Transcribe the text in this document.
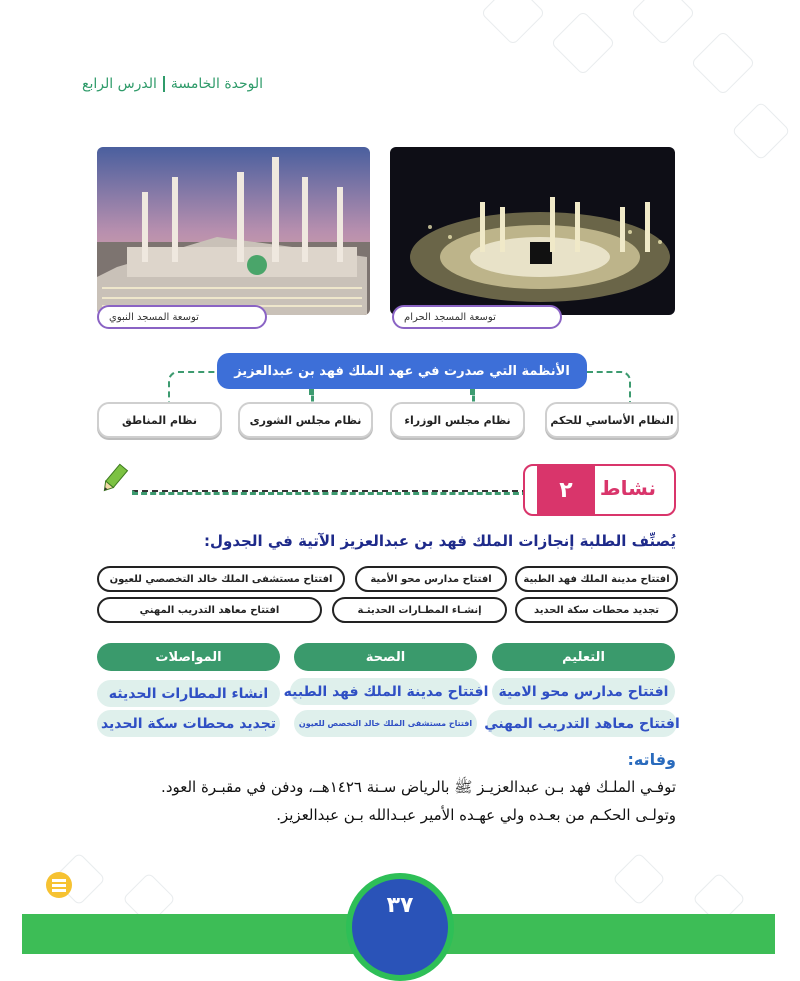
الوحدة الخامسةالدرس الرابع
توسعة المسجد النبوي	توسعة المسجد الحرام
الأنظمة التي صدرت في عهد الملك فهد بن عبدالعزيز
النظام الأساسي للحكم
نظام مجلس الوزراء
نظام مجلس الشورى
نظام المناطق
نشاط
٢
يُصنِّف الطلبة إنجازات الملك فهد بن عبدالعزيز الآتية في الجدول:
افتتاح مدينة الملك فهد الطبية
افتتاح مدارس محو الأمية
افتتاح مستشفى الملك خالد التخصصي للعيون
تجديد محطات سكة الحديد
إنشـاء المطـارات الحديثـة
افتتاح معاهد التدريب المهني
التعليم
الصحة
المواصلات
افتتاح مدارس محو الامية
افتتاح معاهد التدريب المهني
افتتاح مدينة الملك فهد الطبيه
افتتاح مستشفى الملك خالد التخصص للعيون
انشاء المطارات الحديثه
تجديد محطات سكة الحديد
وفاته:
توفـي الملـك فهد بـن عبدالعزيـز ﷺ بالرياض سـنة ١٤٢٦هــ، ودفن في مقبـرة العود.
وتولـى الحكـم من بعـده ولي عهـده الأمير عبـدالله بـن عبدالعزيز.
٣٧
